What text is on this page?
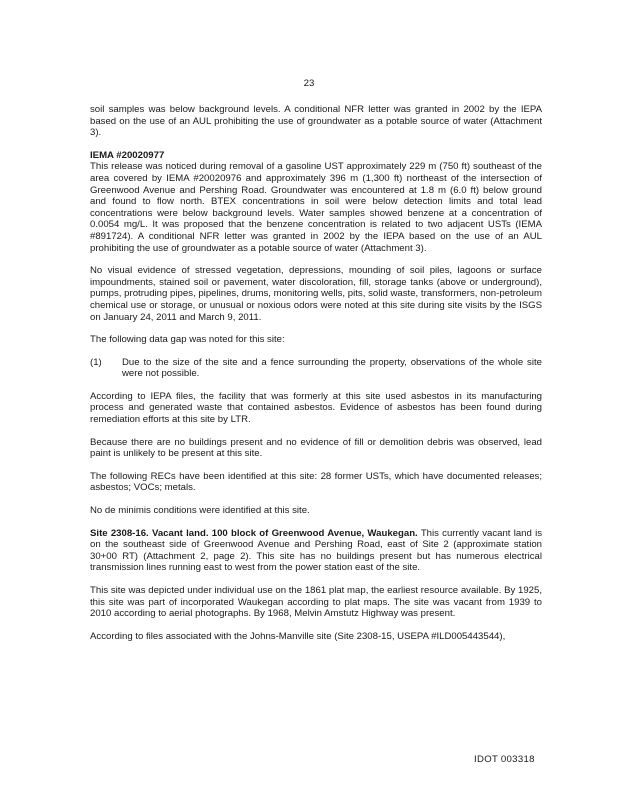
23

soil samples was below background levels. A conditional NFR letter was granted in 2002 by the IEPA based on the use of an AUL prohibiting the use of groundwater as a potable source of water (Attachment 3).

IEMA #20020977

This release was noticed during removal of a gasoline UST approximately 229 m (750 ft) southeast of the area covered by IEMA #20020976 and approximately 396 m (1,300 ft) northeast of the intersection of Greenwood Avenue and Pershing Road. Groundwater was encountered at 1.8 m (6.0 ft) below ground and found to flow north. BTEX concentrations in soil were below detection limits and total lead concentrations were below background levels. Water samples showed benzene at a concentration of 0.0054 mg/L. It was proposed that the benzene concentration is related to two adjacent USTs (IEMA #891724). A conditional NFR letter was granted in 2002 by the IEPA based on the use of an AUL prohibiting the use of groundwater as a potable source of water (Attachment 3).

No visual evidence of stressed vegetation, depressions, mounding of soil piles, lagoons or surface impoundments, stained soil or pavement, water discoloration, fill, storage tanks (above or underground), pumps, protruding pipes, pipelines, drums, monitoring wells, pits, solid waste, transformers, non-petroleum chemical use or storage, or unusual or noxious odors were noted at this site during site visits by the ISGS on January 24, 2011 and March 9, 2011.

The following data gap was noted for this site:

(1)	Due to the size of the site and a fence surrounding the property, observations of the whole site were not possible.

According to IEPA files, the facility that was formerly at this site used asbestos in its manufacturing process and generated waste that contained asbestos. Evidence of asbestos has been found during remediation efforts at this site by LTR.

Because there are no buildings present and no evidence of fill or demolition debris was observed, lead paint is unlikely to be present at this site.

The following RECs have been identified at this site: 28 former USTs, which have documented releases; asbestos; VOCs; metals.

No de minimis conditions were identified at this site.

Site 2308-16. Vacant land. 100 block of Greenwood Avenue, Waukegan. This currently vacant land is on the southeast side of Greenwood Avenue and Pershing Road, east of Site 2 (approximate station 30+00 RT) (Attachment 2, page 2). This site has no buildings present but has numerous electrical transmission lines running east to west from the power station east of the site.

This site was depicted under individual use on the 1861 plat map, the earliest resource available. By 1925, this site was part of incorporated Waukegan according to plat maps. The site was vacant from 1939 to 2010 according to aerial photographs. By 1968, Melvin Amstutz Highway was present.

According to files associated with the Johns-Manville site (Site 2308-15, USEPA #ILD005443544),

IDOT 003318
